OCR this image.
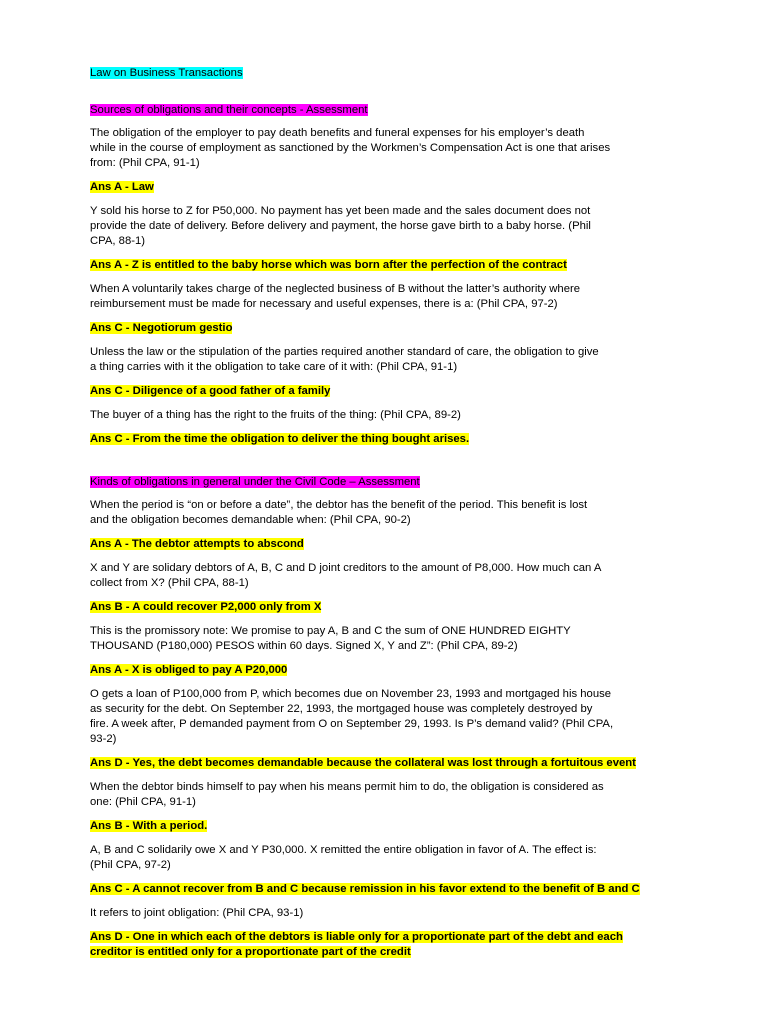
Law on Business Transactions
Sources of obligations and their concepts - Assessment
The obligation of the employer to pay death benefits and funeral expenses for his employer’s death
while in the course of employment as sanctioned by the Workmen’s Compensation Act is one that arises
from: (Phil CPA, 91-1)
Ans A - Law
Y sold his horse to Z for P50,000. No payment has yet been made and the sales document does not
provide the date of delivery. Before delivery and payment, the horse gave birth to a baby horse. (Phil
CPA, 88-1)
Ans A - Z is entitled to the baby horse which was born after the perfection of the contract
When A voluntarily takes charge of the neglected business of B without the latter’s authority where
reimbursement must be made for necessary and useful expenses, there is a: (Phil CPA, 97-2)
Ans C - Negotiorum gestio
Unless the law or the stipulation of the parties required another standard of care, the obligation to give
a thing carries with it the obligation to take care of it with: (Phil CPA, 91-1)
Ans C - Diligence of a good father of a family
The buyer of a thing has the right to the fruits of the thing: (Phil CPA, 89-2)
Ans C - From the time the obligation to deliver the thing bought arises.
Kinds of obligations in general under the Civil Code – Assessment
When the period is “on or before a date”, the debtor has the benefit of the period. This benefit is lost
and the obligation becomes demandable when: (Phil CPA, 90-2)
Ans A - The debtor attempts to abscond
X and Y are solidary debtors of A, B, C and D joint creditors to the amount of P8,000. How much can A
collect from X? (Phil CPA, 88-1)
Ans B - A could recover P2,000 only from X
This is the promissory note: We promise to pay A, B and C the sum of ONE HUNDRED EIGHTY
THOUSAND (P180,000) PESOS within 60 days. Signed X, Y and Z”: (Phil CPA, 89-2)
Ans A - X is obliged to pay A P20,000
O gets a loan of P100,000 from P, which becomes due on November 23, 1993 and mortgaged his house
as security for the debt. On September 22, 1993, the mortgaged house was completely destroyed by
fire. A week after, P demanded payment from O on September 29, 1993. Is P’s demand valid? (Phil CPA,
93-2)
Ans D - Yes, the debt becomes demandable because the collateral was lost through a fortuitous event
When the debtor binds himself to pay when his means permit him to do, the obligation is considered as
one: (Phil CPA, 91-1)
Ans B - With a period.
A, B and C solidarily owe X and Y P30,000. X remitted the entire obligation in favor of A. The effect is:
(Phil CPA, 97-2)
Ans C - A cannot recover from B and C because remission in his favor extend to the benefit of B and C
It refers to joint obligation: (Phil CPA, 93-1)
Ans D - One in which each of the debtors is liable only for a proportionate part of the debt and each
creditor is entitled only for a proportionate part of the credit
